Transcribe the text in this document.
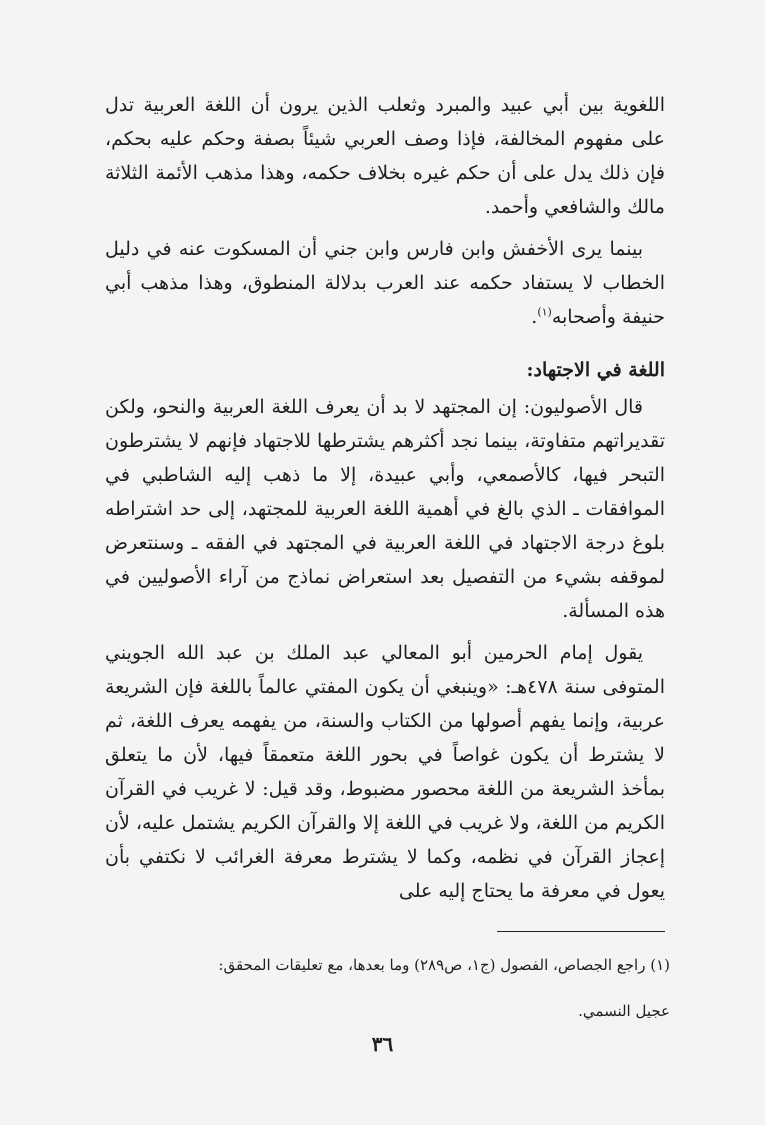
اللغوية بين أبي عبيد والمبرد وثعلب الذين يرون أن اللغة العربية تدل على مفهوم المخالفة، فإذا وصف العربي شيئاً بصفة وحكم عليه بحكم، فإن ذلك يدل على أن حكم غيره بخلاف حكمه، وهذا مذهب الأئمة الثلاثة مالك والشافعي وأحمد.

بينما يرى الأخفش وابن فارس وابن جني أن المسكوت عنه في دليل الخطاب لا يستفاد حكمه عند العرب بدلالة المنطوق، وهذا مذهب أبي حنيفة وأصحابه$^{(١)}$.

اللغة في الاجتهاد:

قال الأصوليون: إن المجتهد لا بد أن يعرف اللغة العربية والنحو، ولكن تقديراتهم متفاوتة، بينما نجد أكثرهم يشترطها للاجتهاد فإنهم لا يشترطون التبحر فيها، كالأصمعي، وأبي عبيدة، إلا ما ذهب إليه الشاطبي في الموافقات ـ الذي بالغ في أهمية اللغة العربية للمجتهد، إلى حد اشتراطه بلوغ درجة الاجتهاد في اللغة العربية في المجتهد في الفقه ـ وسنتعرض لموقفه بشيء من التفصيل بعد استعراض نماذج من آراء الأصوليين في هذه المسألة.

يقول إمام الحرمين أبو المعالي عبد الملك بن عبد الله الجويني المتوفى سنة ٤٧٨هـ: «وينبغي أن يكون المفتي عالماً باللغة فإن الشريعة عربية، وإنما يفهم أصولها من الكتاب والسنة، من يفهمه يعرف اللغة، ثم لا يشترط أن يكون غواصاً في بحور اللغة متعمقاً فيها، لأن ما يتعلق بمأخذ الشريعة من اللغة محصور مضبوط، وقد قيل: لا غريب في القرآن الكريم من اللغة، ولا غريب في اللغة إلا والقرآن الكريم يشتمل عليه، لأن إعجاز القرآن في نظمه، وكما لا يشترط معرفة الغرائب لا نكتفي بأن يعول في معرفة ما يحتاج إليه على

(١) راجع الجصاص، الفصول (ج١، ص٢٨٩) وما بعدها، مع تعليقات المحقق:

عجيل النسمي.

٣٦
